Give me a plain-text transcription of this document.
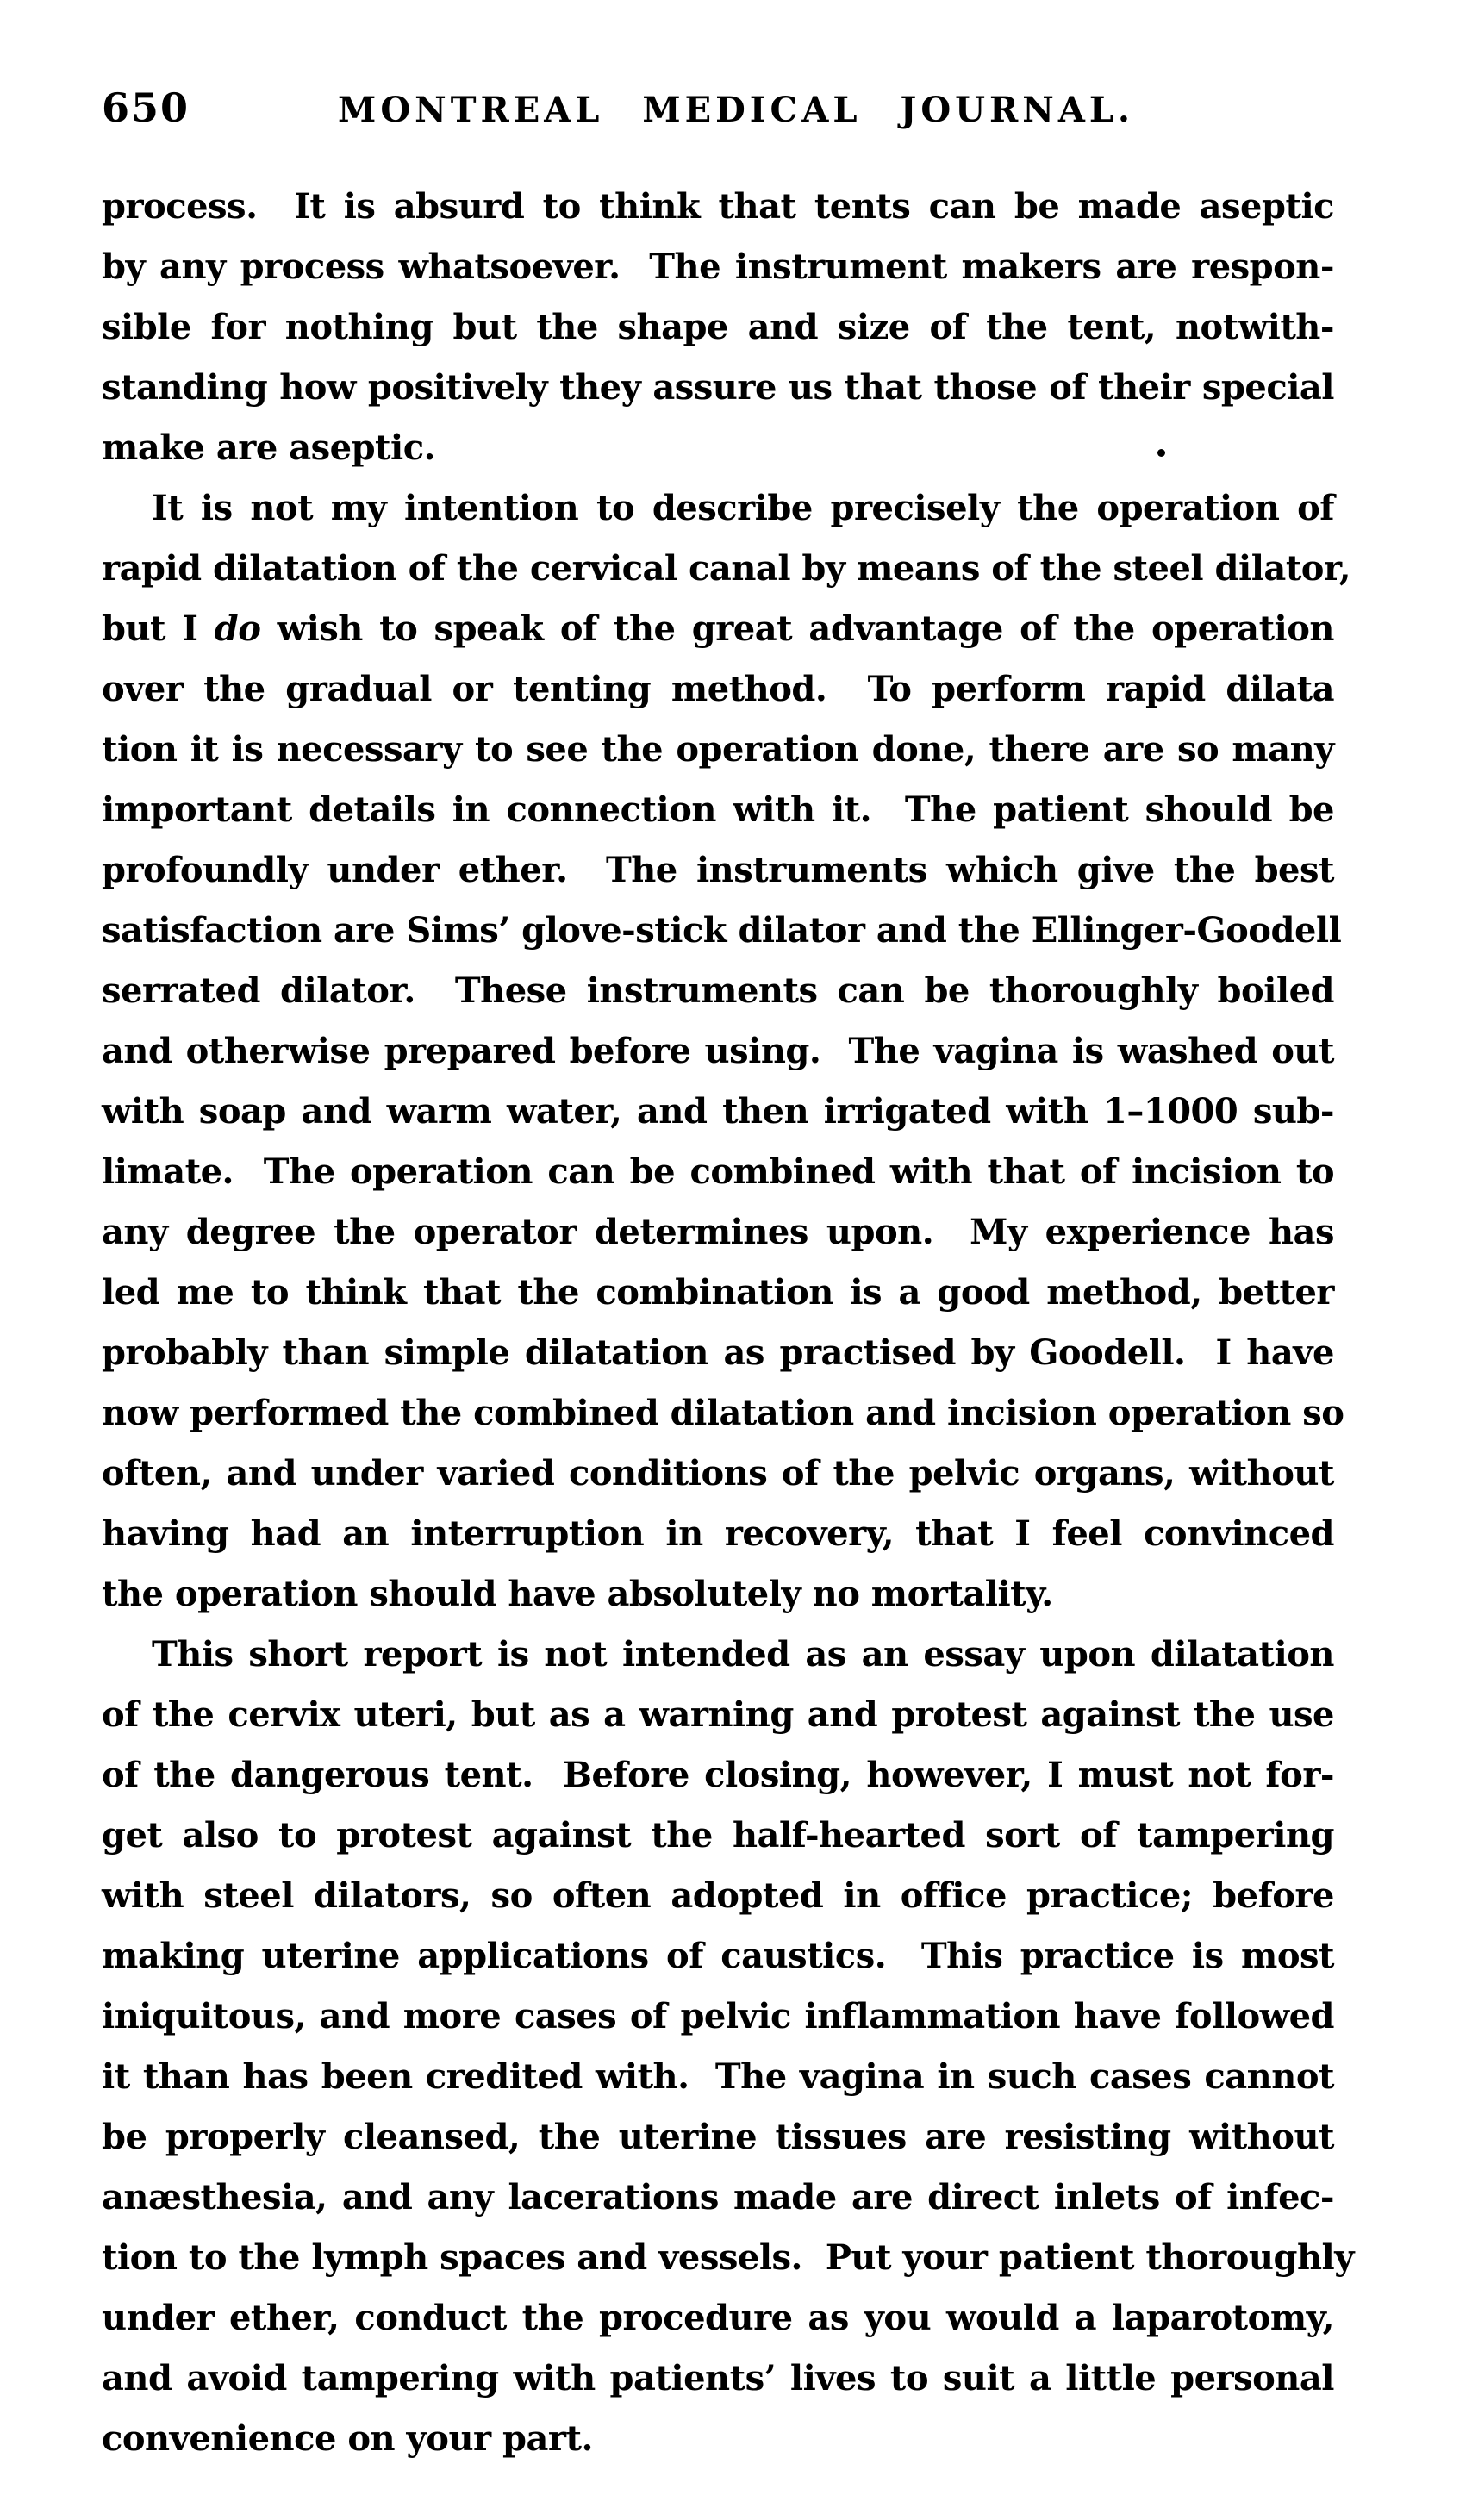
650	MONTREAL MEDICAL JOURNAL.
process.  It is absurd to think that tents can be made aseptic
by any process whatsoever.  The instrument makers are respon-
sible for nothing but the shape and size of the tent, notwith-
standing how positively they assure us that those of their special
make are aseptic.
It is not my intention to describe precisely the operation of
rapid dilatation of the cervical canal by means of the steel dilator,
but I do wish to speak of the great advantage of the operation
over the gradual or tenting method.  To perform rapid dilata
tion it is necessary to see the operation done, there are so many
important details in connection with it.  The patient should be
profoundly under ether.  The instruments which give the best
satisfaction are Sims’ glove-stick dilator and the Ellinger-Goodell
serrated dilator.  These instruments can be thoroughly boiled
and otherwise prepared before using.  The vagina is washed out
with soap and warm water, and then irrigated with 1–1000 sub-
limate.  The operation can be combined with that of incision to
any degree the operator determines upon.  My experience has
led me to think that the combination is a good method, better
probably than simple dilatation as practised by Goodell.  I have
now performed the combined dilatation and incision operation so
often, and under varied conditions of the pelvic organs, without
having had an interruption in recovery, that I feel convinced
the operation should have absolutely no mortality.
This short report is not intended as an essay upon dilatation
of the cervix uteri, but as a warning and protest against the use
of the dangerous tent.  Before closing, however, I must not for-
get also to protest against the half-hearted sort of tampering
with steel dilators, so often adopted in office practice; before
making uterine applications of caustics.  This practice is most
iniquitous, and more cases of pelvic inflammation have followed
it than has been credited with.  The vagina in such cases cannot
be properly cleansed, the uterine tissues are resisting without
anæsthesia, and any lacerations made are direct inlets of infec-
tion to the lymph spaces and vessels.  Put your patient thoroughly
under ether, conduct the procedure as you would a laparotomy,
and avoid tampering with patients’ lives to suit a little personal
convenience on your part.
